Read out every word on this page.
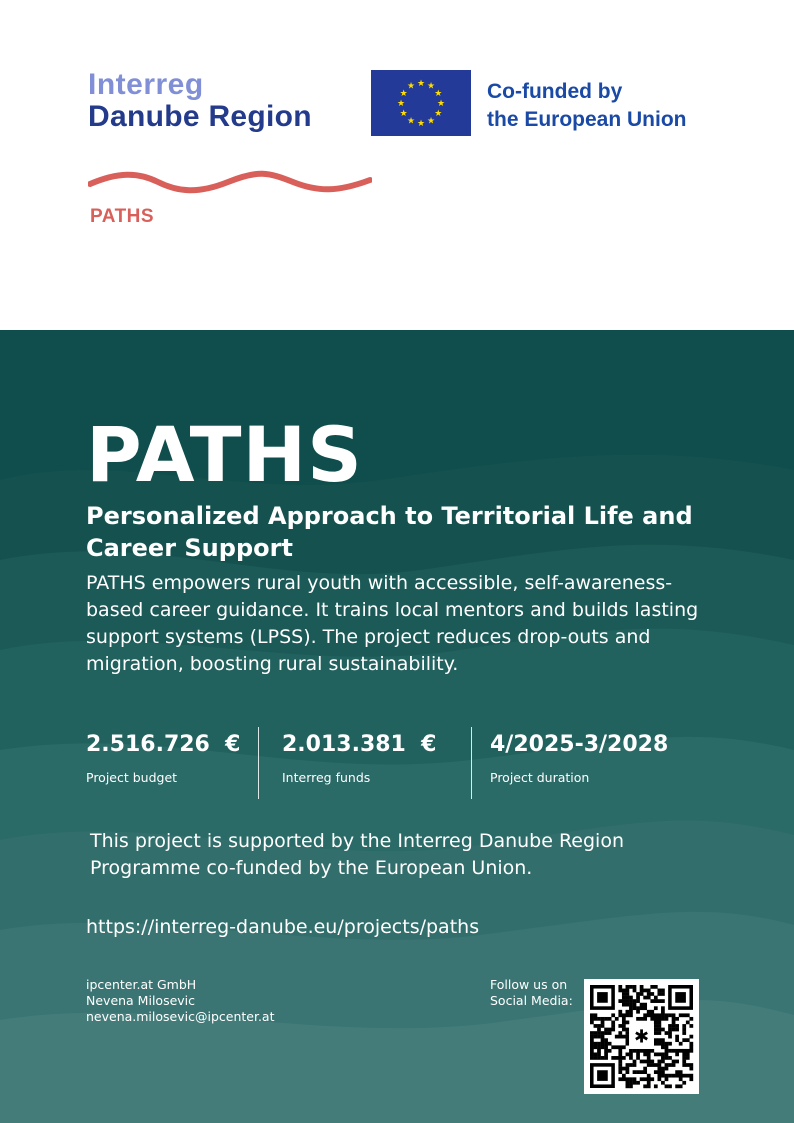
Interreg
Danube Region
PATHS
★ ★
★
★
★
★
★
★
★
★
★
★	Co-funded by
the European Union
PATHS
Personalized Approach to Territorial Life and Career Support

PATHS empowers rural youth with accessible, self-awareness-based career guidance. It trains local mentors and builds lasting support systems (LPSS). The project reduces drop-outs and migration, boosting rural sustainability.

2.516.726  €
Project budget
2.013.381  €
Interreg funds
4/2025-3/2028
Project duration

This project is supported by the Interreg Danube Region Programme co-funded by the European Union.

https://interreg-danube.eu/projects/paths
ipcenter.at GmbH
Nevena Milosevic
nevena.milosevic@ipcenter.at
Follow us on
Social Media:
✱
